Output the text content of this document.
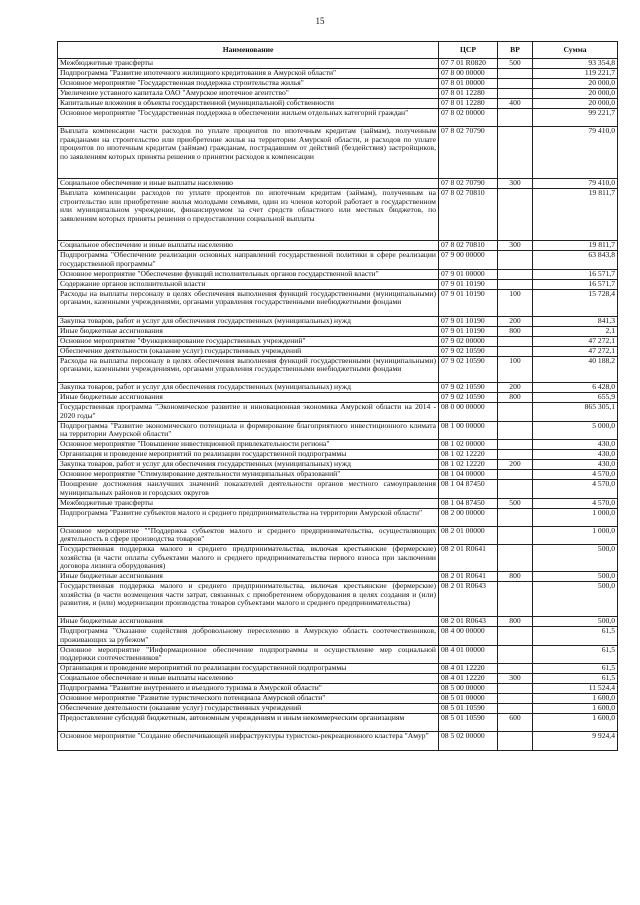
15
Наименование	ЦСР	ВР	Сумма
Межбюджетные трансферты	07 7 01 R0820	500	93 354,8
Подпрограмма "Развитие ипотечного жилищного кредитования в Амурской области"	07 8 00 00000		119 221,7
Основное мероприятие "Государственная поддержка строительства жилья"	07 8 01 00000		20 000,0
Увеличение уставного капитала ОАО "Амурское ипотечное агентство"	07 8 01 12280		20 000,0
Капитальные вложения в объекты государственной (муниципальной) собственности	07 8 01 12280	400	20 000,0
Основное мероприятие "Государственная поддержка в обеспечении жильем отдельных категорий граждан"	07 8 02 00000		99 221,7
Выплата компенсации части расходов по уплате процентов по ипотечным кредитам (займам), полученным гражданами на строительство или приобретение жилья на территории Амурской области, и расходов по уплате процентов по ипотечным кредитам (займам) гражданам, пострадавшим от действий (бездействия) застройщиков, по заявлениям которых приняты решения о принятии расходов к компенсации	07 8 02 70790		79 410,0
Социальное обеспечение и иные выплаты населению	07 8 02 70790	300	79 410,0
Выплата компенсации расходов по уплате процентов по ипотечным кредитам (займам), полученным на строительство или приобретение жилья молодыми семьями, один из членов которой работает в государственном или муниципальном учреждении, финансируемом за счет средств областного или местных бюджетов, по заявлениям которых приняты решения о предоставлении социальной выплаты	07 8 02 70810		19 811,7
Социальное обеспечение и иные выплаты населению	07 8 02 70810	300	19 811,7
Подпрограмма "Обеспечение реализации основных направлений государственной политики в сфере реализации государственной программы"	07 9 00 00000		63 843,8
Основное мероприятие "Обеспечение функций исполнительных органов государственной власти"	07 9 01 00000		16 571,7
Содержание органов исполнительной власти	07 9 01 10190		16 571,7
Расходы на выплаты персоналу в целях обеспечения выполнения функций государственными (муниципальными) органами, казенными учреждениями, органами управления государственными внебюджетными фондами	07 9 01 10190	100	15 728,4
Закупка товаров, работ и услуг для обеспечения государственных (муниципальных) нужд	07 9 01 10190	200	841,3
Иные бюджетные ассигнования	07 9 01 10190	800	2,1
Основное мероприятие "Функционирование государственных учреждений"	07 9 02 00000		47 272,1
Обеспечение деятельности (оказание услуг) государственных учреждений	07 9 02 10590		47 272,1
Расходы на выплаты персоналу в целях обеспечения выполнения функций государственными (муниципальными) органами, казенными учреждениями, органами управления государственными внебюджетными фондами	07 9 02 10590	100	40 188,2
Закупка товаров, работ и услуг для обеспечения государственных (муниципальных) нужд	07 9 02 10590	200	6 428,0
Иные бюджетные ассигнования	07 9 02 10590	800	655,9
Государственная программа "Экономическое развитие и инновационная экономика Амурской области на 2014 - 2020 годы"	08 0 00 00000		865 305,1
Подпрограмма "Развитие экономического потенциала и формирование благоприятного инвестиционного климата на территории Амурской области"	08 1 00 00000		5 000,0
Основное мероприятие "Повышение инвестиционной привлекательности региона"	08 1 02 00000		430,0
Организация и проведение мероприятий по реализации государственной подпрограммы	08 1 02 12220		430,0
Закупка товаров, работ и услуг для обеспечения государственных (муниципальных) нужд	08 1 02 12220	200	430,0
Основное мероприятие "Стимулирование деятельности муниципальных образований"	08 1 04 00000		4 570,0
Поощрение достижения наилучших значений показателей деятельности органов местного самоуправления муниципальных районов и городских округов	08 1 04 87450		4 570,0
Межбюджетные трансферты	08 1 04 87450	500	4 570,0
Подпрограмма "Развитие субъектов малого и среднего предпринимательства на территории Амурской области"	08 2 00 00000		1 000,0
Основное мероприятие ""Поддержка субъектов малого и среднего предпринимательства, осуществляющих деятельность в сфере производства товаров"	08 2 01 00000		1 000,0
Государственная поддержка малого и среднего предпринимательства, включая крестьянские (фермерские) хозяйства (в части оплаты субъектами малого и среднего предпринимательства первого взноса при заключении договора лизинга оборудования)	08 2 01 R0641		500,0
Иные бюджетные ассигнования	08 2 01 R0641	800	500,0
Государственная поддержка малого и среднего предпринимательства, включая крестьянские (фермерские) хозяйства (в части возмещения части затрат, связанных с приобретением оборудования в целях создания и (или) развития, и (или) модернизации производства товаров субъектами малого и среднего предпринимательства)	08 2 01 R0643		500,0
Иные бюджетные ассигнования	08 2 01 R0643	800	500,0
Подпрограмма "Оказание содействия добровольному переселению в Амурскую область соотечественников, проживающих за рубежом"	08 4 00 00000		61,5
Основное мероприятие "Информационное обеспечение подпрограммы и осуществление мер социальной поддержки соотечественников"	08 4 01 00000		61,5
Организация и проведение мероприятий по реализации государственной подпрограммы	08 4 01 12220		61,5
Социальное обеспечение и иные выплаты населению	08 4 01 12220	300	61,5
Подпрограмма "Развитие внутреннего и въездного туризма в Амурской области"	08 5 00 00000		11 524,4
Основное мероприятие "Развитие туристического потенциала Амурской области"	08 5 01 00000		1 600,0
Обеспечение деятельности (оказание услуг) государственных учреждений	08 5 01 10590		1 600,0
Предоставление субсидий бюджетным, автономным учреждениям и иным некоммерческим организациям	08 5 01 10590	600	1 600,0
Основное мероприятие "Создание обеспечивающей инфраструктуры туристско-рекреационного кластера "Амур"	08 5 02 00000		9 924,4
